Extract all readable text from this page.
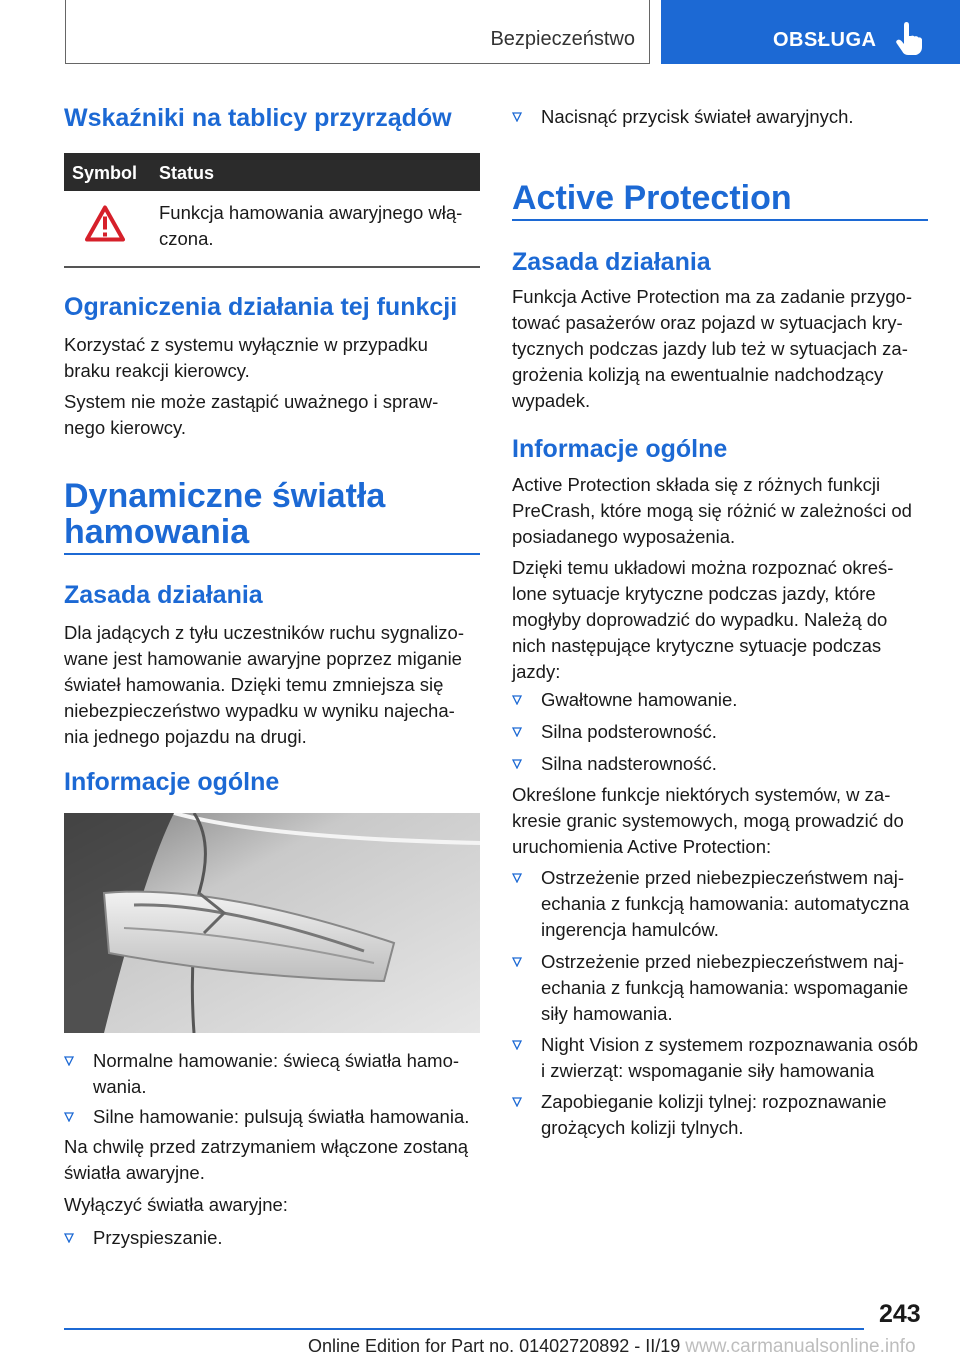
Bezpieczeństwo	OBSŁUGA
Wskaźniki na tablicy przyrządów
Symbol Status
Funkcja hamowania awaryjnego włą-
czona.
Ograniczenia działania tej funkcji
Korzystać z systemu wyłącznie w przypadku
braku reakcji kierowcy.
System nie może zastąpić uważnego i spraw-
nego kierowcy.
Dynamiczne światła
hamowania
Zasada działania
Dla jadących z tyłu uczestników ruchu sygnalizo-
wane jest hamowanie awaryjne poprzez miganie
świateł hamowania. Dzięki temu zmniejsza się
niebezpieczeństwo wypadku w wyniku najecha-
nia jednego pojazdu na drugi.
Informacje ogólne
Normalne hamowanie: świecą światła hamo-
wania.
Silne hamowanie: pulsują światła hamowania.
Na chwilę przed zatrzymaniem włączone zostaną
światła awaryjne.
Wyłączyć światła awaryjne:
Przyspieszanie.
Nacisnąć przycisk świateł awaryjnych.
Active Protection
Zasada działania
Funkcja Active Protection ma za zadanie przygo-
tować pasażerów oraz pojazd w sytuacjach kry-
tycznych podczas jazdy lub też w sytuacjach za-
grożenia kolizją na ewentualnie nadchodzący
wypadek.
Informacje ogólne
Active Protection składa się z różnych funkcji
PreCrash, które mogą się różnić w zależności od
posiadanego wyposażenia.
Dzięki temu układowi można rozpoznać okreś-
lone sytuacje krytyczne podczas jazdy, które
mogłyby doprowadzić do wypadku. Należą do
nich następujące krytyczne sytuacje podczas
jazdy:
Gwałtowne hamowanie.
Silna podsterowność.
Silna nadsterowność.
Określone funkcje niektórych systemów, w za-
kresie granic systemowych, mogą prowadzić do
uruchomienia Active Protection:
Ostrzeżenie przed niebezpieczeństwem naj-
echania z funkcją hamowania: automatyczna
ingerencja hamulców.
Ostrzeżenie przed niebezpieczeństwem naj-
echania z funkcją hamowania: wspomaganie
siły hamowania.
Night Vision z systemem rozpoznawania osób
i zwierząt: wspomaganie siły hamowania
Zapobieganie kolizji tylnej: rozpoznawanie
grożących kolizji tylnych.
243
Online Edition for Part no. 01402720892 - II/19 www.carmanualsonline.info
